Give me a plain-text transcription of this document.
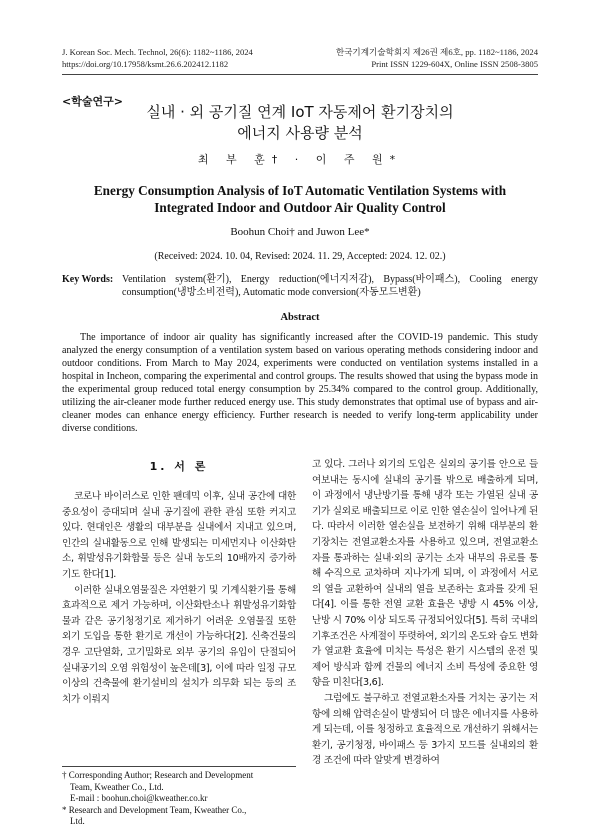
J. Korean Soc. Mech. Technol, 26(6): 1182~1186, 2024
https://doi.org/10.17958/ksmt.26.6.202412.1182
한국기계기술학회지 제26권 제6호, pp. 1182~1186, 2024
Print ISSN 1229-604X, Online ISSN 2508-3805
<학술연구>
실내 · 외 공기질 연계 IoT 자동제어 환기장치의
에너지 사용량 분석
최 부 훈† · 이 주 원*
Energy Consumption Analysis of IoT Automatic Ventilation Systems with
Integrated Indoor and Outdoor Air Quality Control
Boohun Choi† and Juwon Lee*
(Received: 2024. 10. 04, Revised: 2024. 11. 29, Accepted: 2024. 12. 02.)
Key Words: Ventilation system(환기), Energy reduction(에너지저감), Bypass(바이패스), Cooling energy consumption(냉방소비전력), Automatic mode conversion(자동모드변환)
Abstract
The importance of indoor air quality has significantly increased after the COVID-19 pandemic. This study analyzed the energy consumption of a ventilation system based on various operating methods considering indoor and outdoor conditions. From March to May 2024, experiments were conducted on ventilation systems installed in a hospital in Incheon, comparing the experimental and control groups. The results showed that using the bypass mode in the experimental group reduced total energy consumption by 25.34% compared to the control group. Additionally, utilizing the air-cleaner mode further reduced energy use. This study demonstrates that optimal use of bypass and air-cleaner modes can enhance energy efficiency. Further research is needed to verify long-term applicability under diverse conditions.
1. 서 론

코로나 바이러스로 인한 팬데믹 이후, 실내 공간에 대한 중요성이 증대되며 실내 공기질에 관한 관심 또한 커지고 있다. 현대인은 생활의 대부분을 실내에서 지내고 있으며, 인간의 실내활동으로 인해 발생되는 미세먼지나 이산화탄소, 휘발성유기화합물 등은 실내 농도의 10배까지 증가하기도 한다[1].

이러한 실내오염물질은 자연환기 및 기계식환기를 통해 효과적으로 제거 가능하며, 이산화탄소나 휘발성유기화합물과 같은 공기청정기로 제거하기 어려운 오염물질 또한 외기 도입을 통한 환기로 개선이 가능하다[2]. 신축건물의 경우 고단열화, 고기밀화로 외부 공기의 유입이 단절되어 실내공기의 오염 위험성이 높은데[3], 이에 따라 일정 규모 이상의 건축물에 환기설비의 설치가 의무화 되는 등의 조치가 이뤄지

고 있다. 그러나 외기의 도입은 실외의 공기를 안으로 들여보내는 동시에 실내의 공기를 밖으로 배출하게 되며, 이 과정에서 냉난방기를 통해 냉각 또는 가열된 실내 공기가 실외로 배출되므로 이로 인한 열손실이 일어나게 된다. 따라서 이러한 열손실을 보전하기 위해 대부분의 환기장치는 전열교환소자를 사용하고 있으며, 전열교환소자를 통과하는 실내·외의 공기는 소자 내부의 유로를 통해 수직으로 교차하며 지나가게 되며, 이 과정에서 서로의 열을 교환하여 실내의 열을 보존하는 효과를 갖게 된다[4]. 이를 통한 전열 교환 효율은 냉방 시 45% 이상, 난방 시 70% 이상 되도록 규정되어있다[5]. 특히 국내의 기후조건은 사계절이 뚜렷하여, 외기의 온도와 습도 변화가 열교환 효율에 미치는 특성은 환기 시스템의 운전 및 제어 방식과 함께 건물의 에너지 소비 특성에 중요한 영향을 미친다[3,6].

그럼에도 불구하고 전열교환소자를 거치는 공기는 저항에 의해 압력손실이 발생되어 더 많은 에너지를 사용하게 되는데, 이를 청정하고 효율적으로 개선하기 위해서는 환기, 공기청정, 바이패스 등 3가지 모드를 실내외의 환경 조건에 따라 알맞게 변경하여

† Corresponding Author; Research and Development
Team, Kweather Co., Ltd.
E-mail : boohun.choi@kweather.co.kr
* Research and Development Team, Kweather Co.,
Ltd.
